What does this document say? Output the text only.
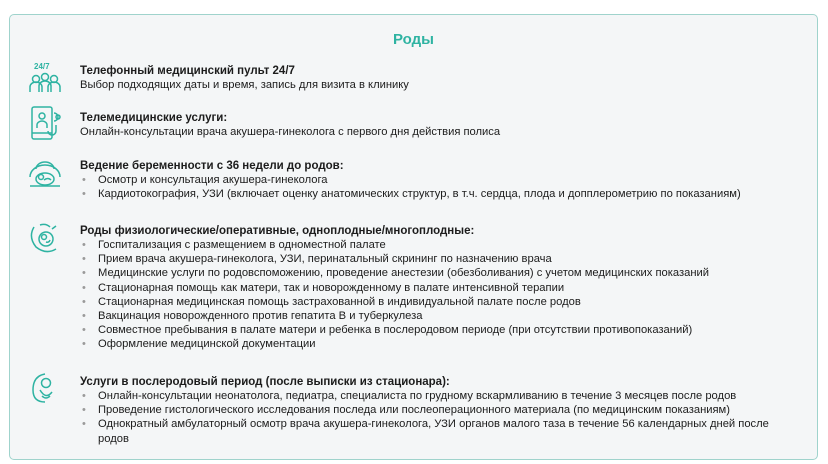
Роды
24/7	Телефонный медицинский пульт 24/7
Выбор подходящих даты и время, запись для визита в клинику
Телемедицинские услуги:
Онлайн-консультации врача акушера-гинеколога с первого дня действия полиса
Ведение беременности с 36 недели до родов:
• Осмотр и консультация акушера-гинеколога
• Кардиотокография, УЗИ (включает оценку анатомических структур, в т.ч. сердца, плода и допплерометрию по показаниям)
Роды физиологические/оперативные, одноплодные/многоплодные:
• Госпитализация с размещением в одноместной палате
• Прием врача акушера-гинеколога, УЗИ, перинатальный скрининг по назначению врача
• Медицинские услуги по родовспоможению, проведение анестезии (обезболивания) с учетом медицинских показаний
• Стационарная помощь как матери, так и новорожденному в палате интенсивной терапии
• Стационарная медицинская помощь застрахованной в индивидуальной палате после родов
• Вакцинация новорожденного против гепатита В и туберкулеза
• Совместное пребывания в палате матери и ребенка в послеродовом периоде (при отсутствии противопоказаний)
• Оформление медицинской документации
Услуги в послеродовый период (после выписки из стационара):
• Онлайн-консультации неонатолога, педиатра, специалиста по грудному вскармливанию в течение 3 месяцев после родов
• Проведение гистологического исследования последа или послеоперационного материала (по медицинским показаниям)
• Однократный амбулаторный осмотр врача акушера-гинеколога, УЗИ органов малого таза в течение 56 календарных дней после родов
